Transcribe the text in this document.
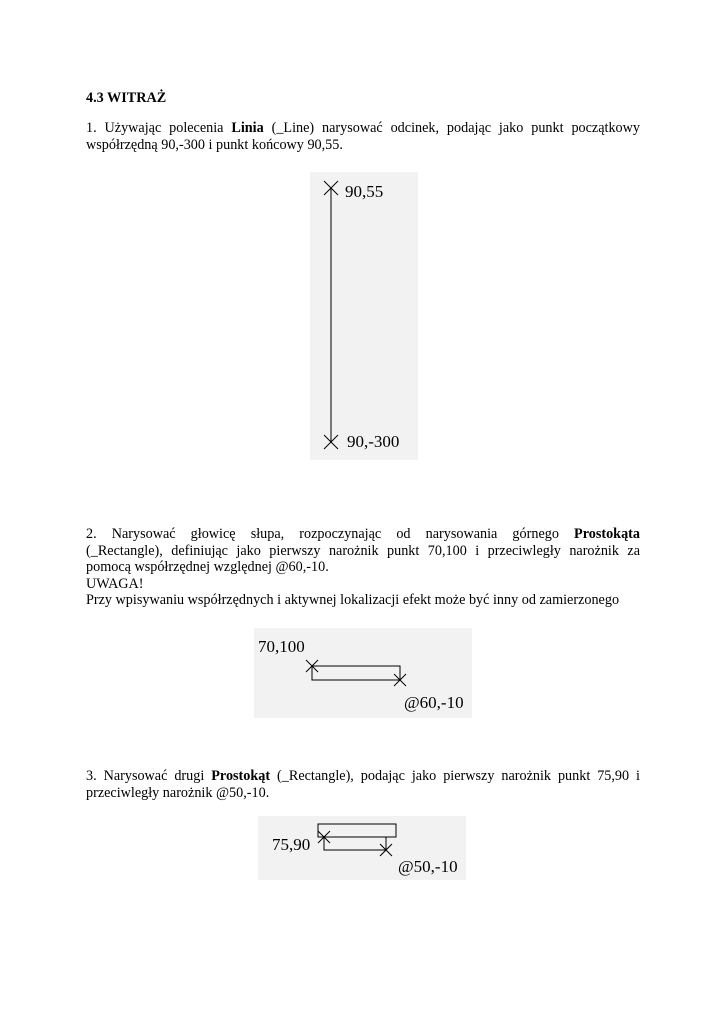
4.3 WITRAŻ
1. Używając polecenia Linia (_Line) narysować odcinek, podając jako punkt początkowy
współrzędną 90,-300 i punkt końcowy 90,55.
90,55
90,-300
2. Narysować głowicę słupa, rozpoczynając od narysowania górnego Prostokąta
(_Rectangle), definiując jako pierwszy narożnik punkt 70,100 i przeciwległy narożnik za
pomocą współrzędnej względnej @60,-10.
UWAGA!
Przy wpisywaniu współrzędnych i aktywnej lokalizacji efekt może być inny od zamierzonego
70,100
@60,-10
3. Narysować drugi Prostokąt (_Rectangle), podając jako pierwszy narożnik punkt 75,90 i
przeciwległy narożnik @50,-10.
75,90
@50,-10
